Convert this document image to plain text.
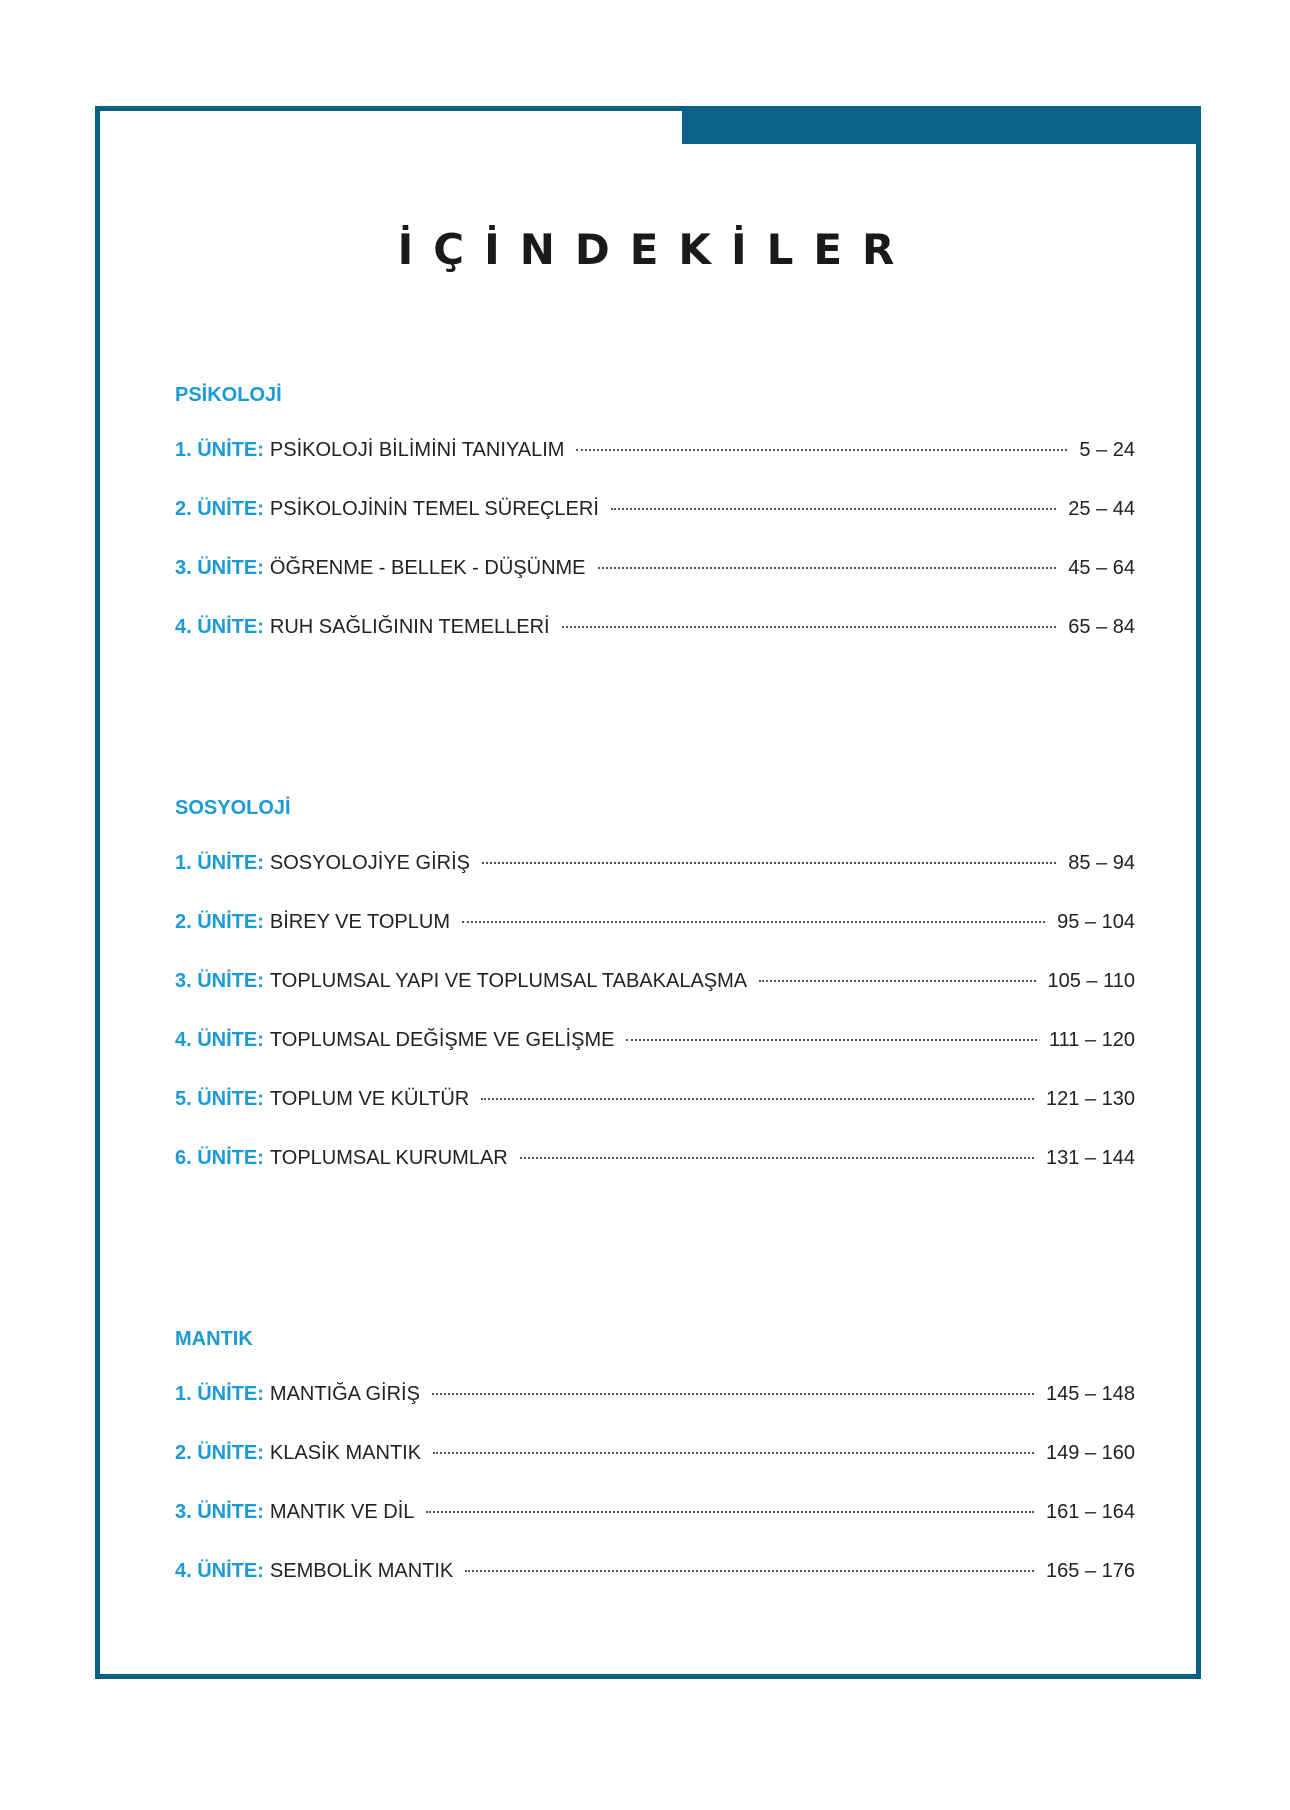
İÇİNDEKİLER
PSİKOLOJİ
1. ÜNİTE: PSİKOLOJİ BİLİMİNİ TANIYALIM	5 – 24
2. ÜNİTE: PSİKOLOJİNİN TEMEL SÜREÇLERİ	25 – 44
3. ÜNİTE: ÖĞRENME - BELLEK - DÜŞÜNME	45 – 64
4. ÜNİTE: RUH SAĞLIĞININ TEMELLERİ	65 – 84
SOSYOLOJİ
1. ÜNİTE: SOSYOLOJİYE GİRİŞ	85 – 94
2. ÜNİTE: BİREY VE TOPLUM	95 – 104
3. ÜNİTE: TOPLUMSAL YAPI VE TOPLUMSAL TABAKALAŞMA	105 – 110
4. ÜNİTE: TOPLUMSAL DEĞİŞME VE GELİŞME	111 – 120
5. ÜNİTE: TOPLUM VE KÜLTÜR	121 – 130
6. ÜNİTE: TOPLUMSAL KURUMLAR	131 – 144
MANTIK
1. ÜNİTE: MANTIĞA GİRİŞ	145 – 148
2. ÜNİTE: KLASİK MANTIK	149 – 160
3. ÜNİTE: MANTIK VE DİL	161 – 164
4. ÜNİTE: SEMBOLİK MANTIK	165 – 176
